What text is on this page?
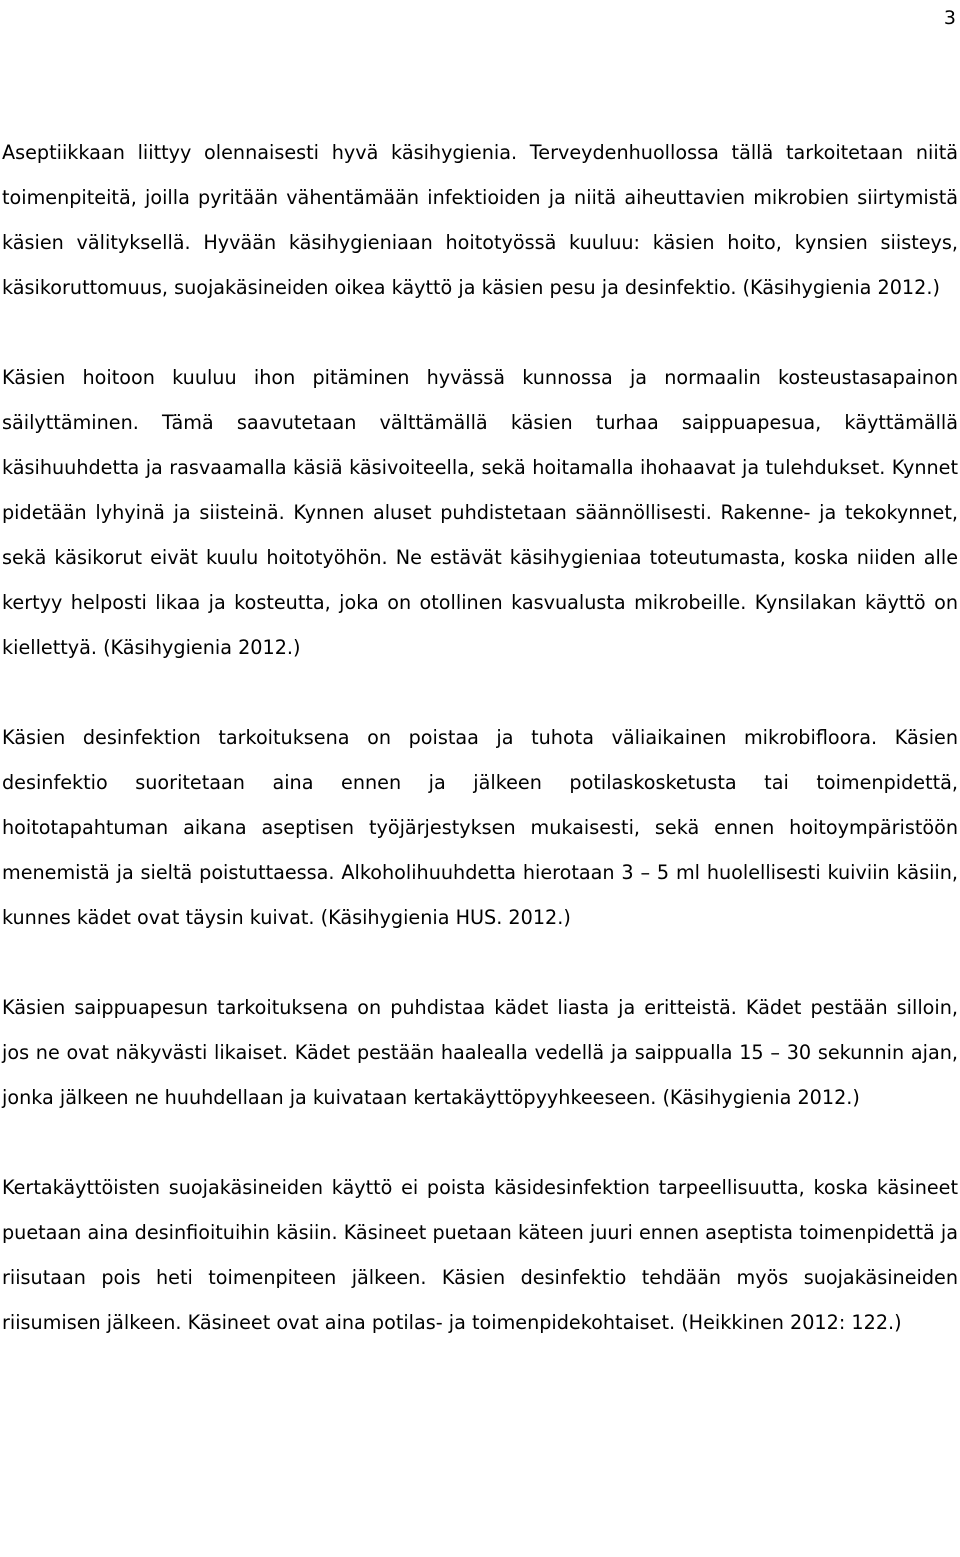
3

Aseptiikkaan liittyy olennaisesti hyvä käsihygienia. Terveydenhuollossa tällä tarkoitetaan niitä toimenpiteitä, joilla pyritään vähentämään infektioiden ja niitä aiheuttavien mikrobien siirtymistä käsien välityksellä. Hyvään käsihygieniaan hoitotyössä kuuluu: käsien hoito, kynsien siisteys, käsikoruttomuus, suojakäsineiden oikea käyttö ja käsien pesu ja desinfektio. (Käsihygienia 2012.)

Käsien hoitoon kuuluu ihon pitäminen hyvässä kunnossa ja normaalin kosteustasapainon säilyttäminen. Tämä saavutetaan välttämällä käsien turhaa saippuapesua, käyttämällä käsihuuhdetta ja rasvaamalla käsiä käsivoiteella, sekä hoitamalla ihohaavat ja tulehdukset. Kynnet pidetään lyhyinä ja siisteinä. Kynnen aluset puhdistetaan säännöllisesti. Rakenne- ja tekokynnet, sekä käsikorut eivät kuulu hoitotyöhön. Ne estävät käsihygieniaa toteutumasta, koska niiden alle kertyy helposti likaa ja kosteutta, joka on otollinen kasvualusta mikrobeille. Kynsilakan käyttö on kiellettyä. (Käsihygienia 2012.)

Käsien desinfektion tarkoituksena on poistaa ja tuhota väliaikainen mikrobifloora. Käsien desinfektio suoritetaan aina ennen ja jälkeen potilaskosketusta tai toimenpidettä, hoitotapahtuman aikana aseptisen työjärjestyksen mukaisesti, sekä ennen hoitoympäristöön menemistä ja sieltä poistuttaessa. Alkoholihuuhdetta hierotaan 3 – 5 ml huolellisesti kuiviin käsiin, kunnes kädet ovat täysin kuivat. (Käsihygienia HUS. 2012.)

Käsien saippuapesun tarkoituksena on puhdistaa kädet liasta ja eritteistä. Kädet pestään silloin, jos ne ovat näkyvästi likaiset. Kädet pestään haalealla vedellä ja saippualla 15 – 30 sekunnin ajan, jonka jälkeen ne huuhdellaan ja kuivataan kertakäyttöpyyhkeeseen. (Käsihygienia 2012.)

Kertakäyttöisten suojakäsineiden käyttö ei poista käsidesinfektion tarpeellisuutta, koska käsineet puetaan aina desinfioituihin käsiin. Käsineet puetaan käteen juuri ennen aseptista toimenpidettä ja riisutaan pois heti toimenpiteen jälkeen. Käsien desinfektio tehdään myös suojakäsineiden riisumisen jälkeen. Käsineet ovat aina potilas- ja toimenpidekohtaiset. (Heikkinen 2012: 122.)
